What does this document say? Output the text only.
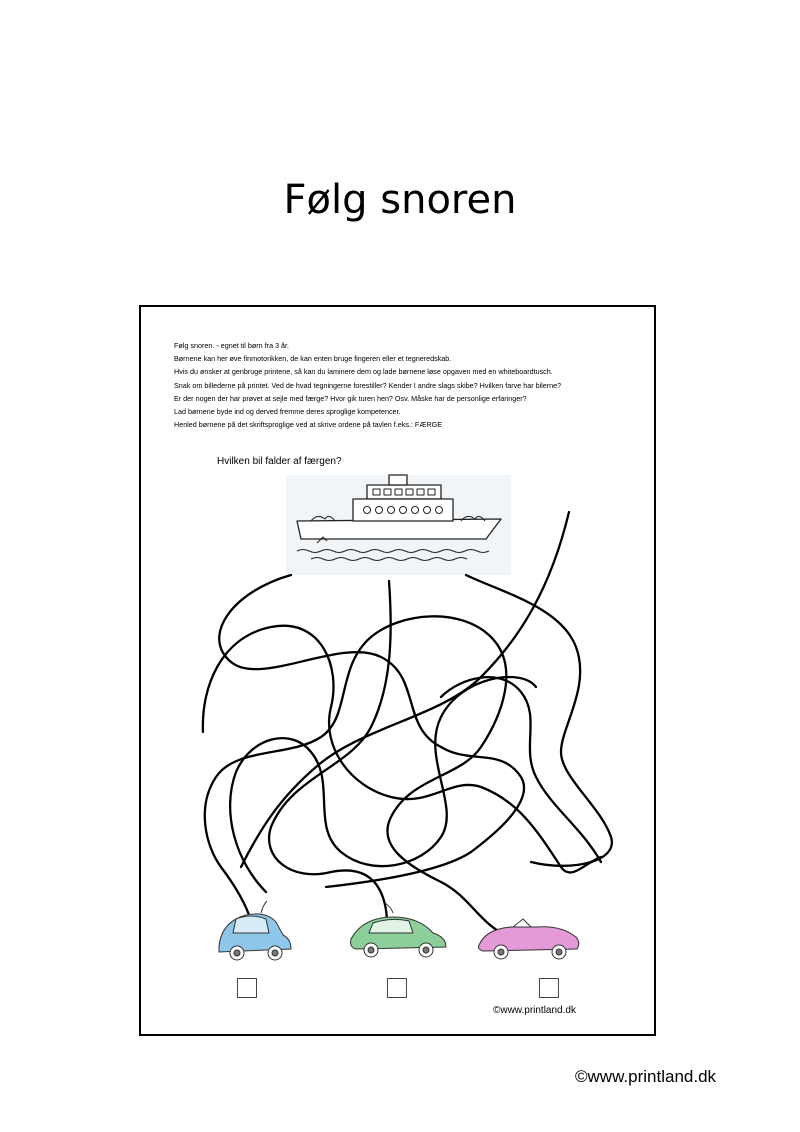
Følg snoren
Følg snoren. - egnet til børn fra 3 år.
Børnene kan her øve finmotorikken, de kan enten bruge fingeren eller et tegneredskab.
Hvis du ønsker at genbruge printene, så kan du laminere dem og lade børnene løse opgaven med en whiteboardtusch.
Snak om billederne på printet. Ved de hvad tegningerne forestiller? Kender I andre slags skibe? Hvilken farve har bilerne?
Er der nogen der har prøvet at sejle med færge? Hvor gik turen hen? Osv. Måske har de personlige erfaringer?
Lad børnene byde ind og derved fremme deres sproglige kompetencer.
Henled børnene på det skriftsproglige ved at skrive ordene på tavlen f.eks.: FÆRGE
Hvilken bil falder af færgen?
©www.printland.dk
©www.printland.dk
